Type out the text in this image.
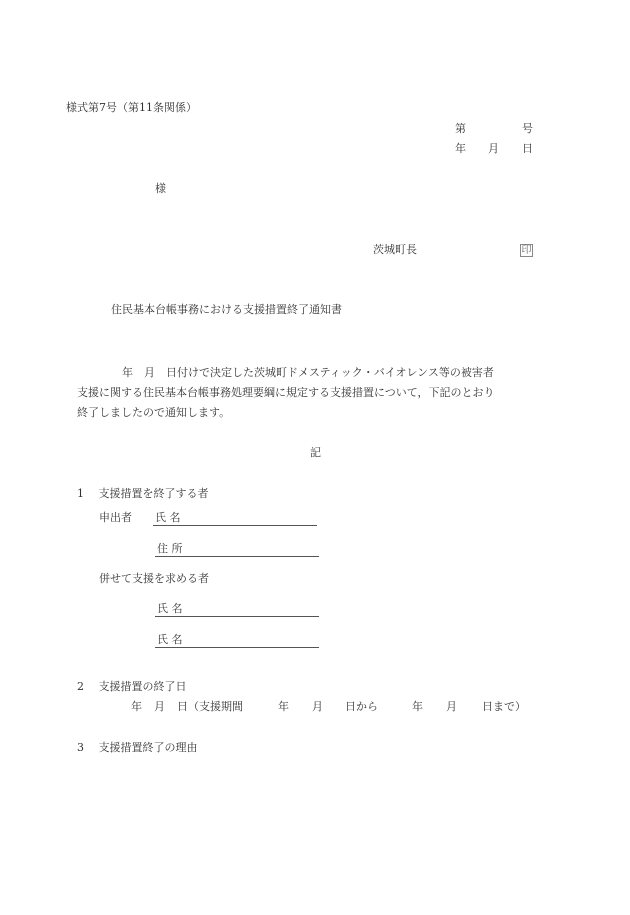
様式第7号（第11条関係）
第	号
年 月 日
様
茨城町長	印
住民基本台帳事務における支援措置終了通知書
年　月　日付けで決定した茨城町ドメスティック・バイオレンス等の被害者
支援に関する住民基本台帳事務処理要綱に規定する支援措置について，下記のとおり
終了しましたので通知します。
記
1　 支援措置を終了する者
申出者 氏 名
住 所
併せて支援を求める者
氏 名
氏 名
2　 支援措置の終了日
年 月 日（支援期間	年 月 日から	年 月 日まで）
3　 支援措置終了の理由
